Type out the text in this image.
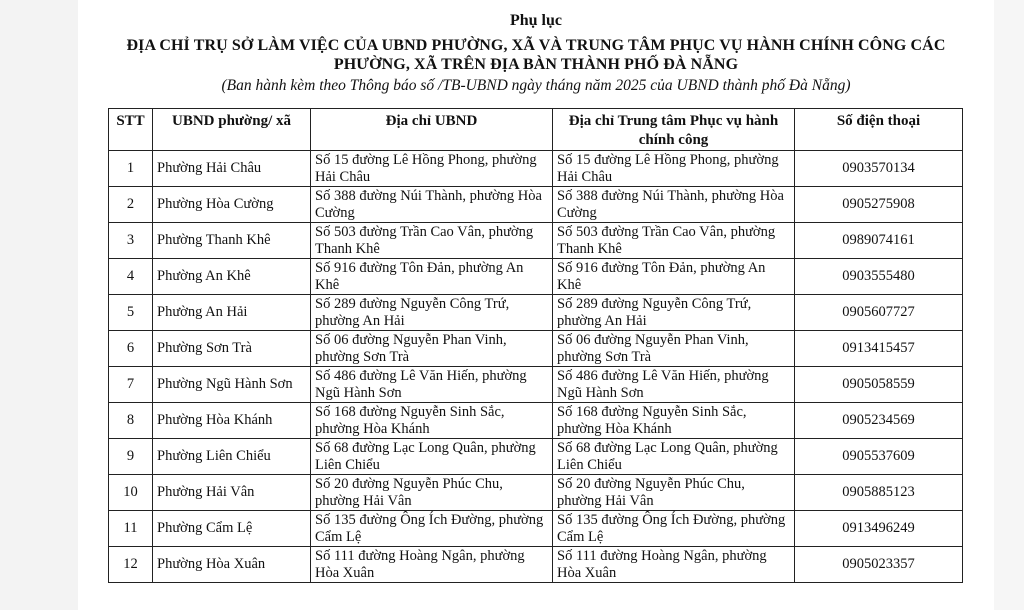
Phụ lục
ĐỊA CHỈ TRỤ SỞ LÀM VIỆC CỦA UBND PHƯỜNG, XÃ VÀ TRUNG TÂM PHỤC VỤ HÀNH CHÍNH CÔNG CÁC PHƯỜNG, XÃ TRÊN ĐỊA BÀN THÀNH PHỐ ĐÀ NẴNG
(Ban hành kèm theo Thông báo số /TB-UBND ngày tháng năm 2025 của UBND thành phố Đà Nẵng)
STT	UBND phường/ xã	Địa chỉ UBND	Địa chỉ Trung tâm Phục vụ hành chính công	Số điện thoại
1	Phường Hải Châu	Số 15 đường Lê Hồng Phong, phường Hải Châu	Số 15 đường Lê Hồng Phong, phường Hải Châu	0903570134
2	Phường Hòa Cường	Số 388 đường Núi Thành, phường Hòa Cường	Số 388 đường Núi Thành, phường Hòa Cường	0905275908
3	Phường Thanh Khê	Số 503 đường Trần Cao Vân, phường Thanh Khê	Số 503 đường Trần Cao Vân, phường Thanh Khê	0989074161
4	Phường An Khê	Số 916 đường Tôn Đản, phường An Khê	Số 916 đường Tôn Đản, phường An Khê	0903555480
5	Phường An Hải	Số 289 đường Nguyễn Công Trứ, phường An Hải	Số 289 đường Nguyễn Công Trứ, phường An Hải	0905607727
6	Phường Sơn Trà	Số 06 đường Nguyễn Phan Vinh, phường Sơn Trà	Số 06 đường Nguyễn Phan Vinh, phường Sơn Trà	0913415457
7	Phường Ngũ Hành Sơn	Số 486 đường Lê Văn Hiến, phường Ngũ Hành Sơn	Số 486 đường Lê Văn Hiến, phường Ngũ Hành Sơn	0905058559
8	Phường Hòa Khánh	Số 168 đường Nguyễn Sinh Sắc, phường Hòa Khánh	Số 168 đường Nguyễn Sinh Sắc, phường Hòa Khánh	0905234569
9	Phường Liên Chiểu	Số 68 đường Lạc Long Quân, phường Liên Chiểu	Số 68 đường Lạc Long Quân, phường Liên Chiểu	0905537609
10	Phường Hải Vân	Số 20 đường Nguyễn Phúc Chu, phường Hải Vân	Số 20 đường Nguyễn Phúc Chu, phường Hải Vân	0905885123
11	Phường Cẩm Lệ	Số 135 đường Ông Ích Đường, phường Cẩm Lệ	Số 135 đường Ông Ích Đường, phường Cẩm Lệ	0913496249
12	Phường Hòa Xuân	Số 111 đường Hoàng Ngân, phường Hòa Xuân	Số 111 đường Hoàng Ngân, phường Hòa Xuân	0905023357
